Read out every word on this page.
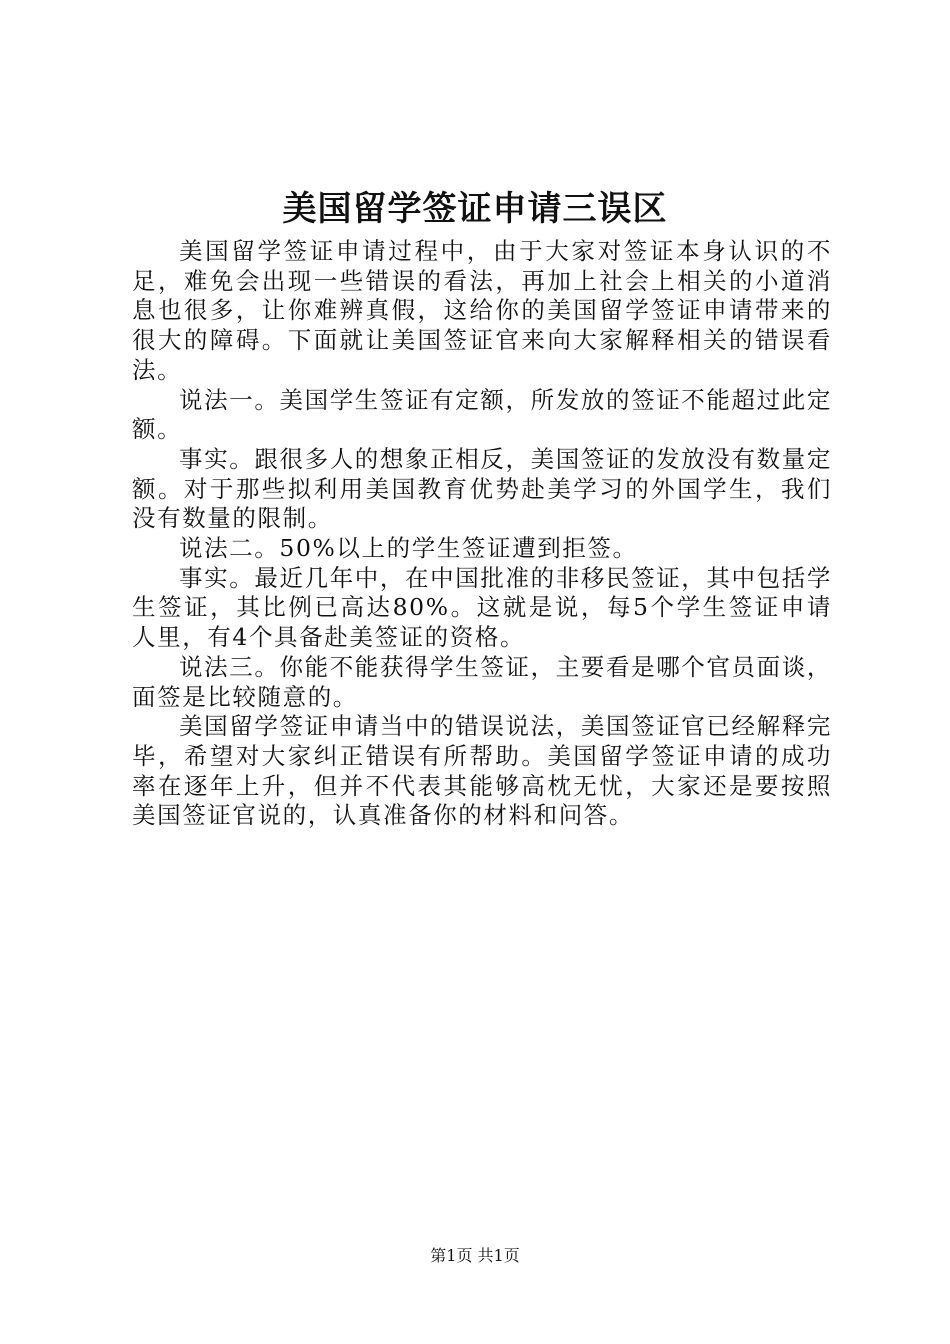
美国留学签证申请三误区

美国留学签证申请过程中，由于大家对签证本身认识的不足，难免会出现一些错误的看法，再加上社会上相关的小道消息也很多，让你难辨真假，这给你的美国留学签证申请带来的很大的障碍。下面就让美国签证官来向大家解释相关的错误看法。

说法一。美国学生签证有定额，所发放的签证不能超过此定额。

事实。跟很多人的想象正相反，美国签证的发放没有数量定额。对于那些拟利用美国教育优势赴美学习的外国学生，我们没有数量的限制。

说法二。50%以上的学生签证遭到拒签。

事实。最近几年中，在中国批准的非移民签证，其中包括学生签证，其比例已高达80%。这就是说，每5个学生签证申请人里，有4个具备赴美签证的资格。

说法三。你能不能获得学生签证，主要看是哪个官员面谈，面签是比较随意的。

美国留学签证申请当中的错误说法，美国签证官已经解释完毕，希望对大家纠正错误有所帮助。美国留学签证申请的成功率在逐年上升，但并不代表其能够高枕无忧，大家还是要按照美国签证官说的，认真准备你的材料和问答。

第1页 共1页
